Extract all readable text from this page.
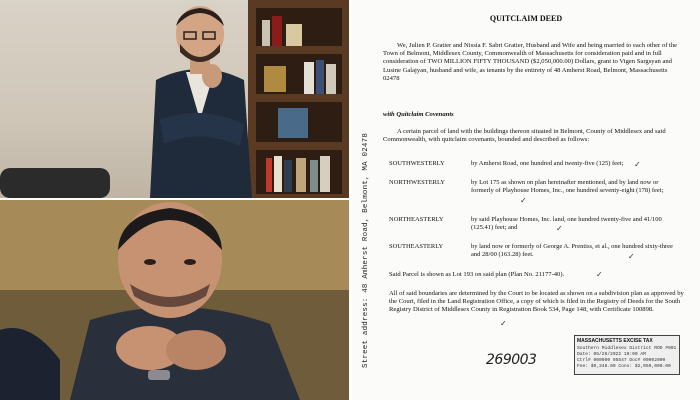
Street address: 48 Amherst Road, Belmont, MA 02478
QUITCLAIM DEED
We, Julien P. Gratier and Nissia F. Sabri Gratier, Husband and Wife and being married to each other of the Town of Belmont, Middlesex County, Commonwealth of Massachusetts for consideration paid and in full consideration of TWO MILLION FIFTY THOUSAND ($2,050,000.00) Dollars, grant to Vigen Sargsyan and Lusine Galajyan, husband and wife, as tenants by the entirety of 48 Amherst Road, Belmont, Massachusetts 02478
with Quitclaim Covenants
A certain parcel of land with the buildings thereon situated in Belmont, County of Middlesex and said Commonwealth, with quitclaim covenants, bounded and described as follows:
SOUTHWESTERLY	by Amherst Road, one hundred and twenty-five (125) feet;
NORTHWESTERLY	by Lot 175 as shown on plan hereinafter mentioned, and by land now or formerly of Playhouse Homes, Inc., one hundred seventy-eight (178) feet;
NORTHEASTERLY	by said Playhouse Homes, Inc. land, one hundred twenty-five and 41/100 (125.41) feet; and
SOUTHEASTERLY	by land now or formerly of George A. Prentiss, et al., one hundred sixty-three and 28/00 (163.28) feet.
Said Parcel is shown as Lot 193 on said plan (Plan No. 21177-40).
All of said boundaries are determined by the Court to be located as shown on a subdivision plan as approved by the Court, filed in the Land Registration Office, a copy of which is filed in the Registry of Deeds for the South Registry District of Middlesex County in Registration Book 534, Page 148, with Certificate 100898.
✓
✓
✓
✓
✓
✓
269003
MASSACHUSETTS EXCISE TAX
Southern Middlesex District ROD #001
Date: 05/26/2022 10:00 AM
Ctrl# 000000 05547 Doc# 00002000
Fee: $9,348.00 Cons: $2,050,000.00
